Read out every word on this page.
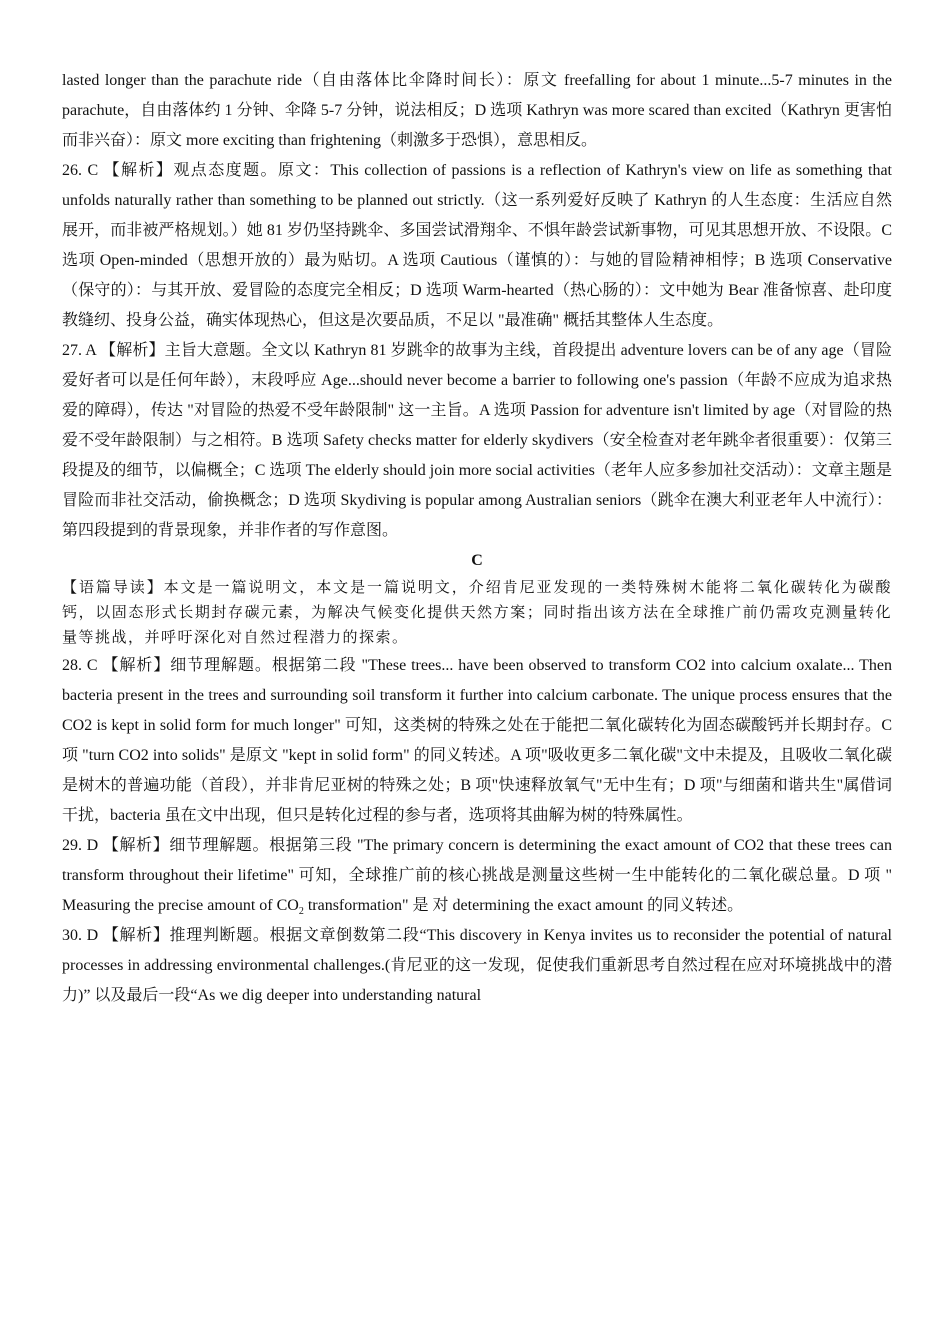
lasted longer than the parachute ride（自由落体比伞降时间长）：原文 freefalling for about 1 minute...5-7 minutes in the parachute，自由落体约 1 分钟、伞降 5-7 分钟，说法相反；D 选项 Kathryn was more scared than excited（Kathryn 更害怕而非兴奋）：原文 more exciting than frightening（刺激多于恐惧），意思相反。

26. C 【解析】观点态度题。原文：This collection of passions is a reflection of Kathryn's view on life as something that unfolds naturally rather than something to be planned out strictly.（这一系列爱好反映了 Kathryn 的人生态度：生活应自然展开，而非被严格规划。）她 81 岁仍坚持跳伞、多国尝试滑翔伞、不惧年龄尝试新事物，可见其思想开放、不设限。C 选项 Open-minded（思想开放的）最为贴切。A 选项 Cautious（谨慎的）：与她的冒险精神相悖；B 选项 Conservative（保守的）：与其开放、爱冒险的态度完全相反；D 选项 Warm-hearted（热心肠的）：文中她为 Bear 准备惊喜、赴印度教缝纫、投身公益，确实体现热心，但这是次要品质，不足以 "最准确" 概括其整体人生态度。

27. A 【解析】主旨大意题。全文以 Kathryn 81 岁跳伞的故事为主线，首段提出 adventure lovers can be of any age（冒险爱好者可以是任何年龄），末段呼应 Age...should never become a barrier to following one's passion（年龄不应成为追求热爱的障碍），传达 "对冒险的热爱不受年龄限制" 这一主旨。A 选项 Passion for adventure isn't limited by age（对冒险的热爱不受年龄限制）与之相符。B 选项 Safety checks matter for elderly skydivers（安全检查对老年跳伞者很重要）：仅第三段提及的细节，以偏概全；C 选项 The elderly should join more social activities（老年人应多参加社交活动）：文章主题是冒险而非社交活动，偷换概念；D 选项 Skydiving is popular among Australian seniors（跳伞在澳大利亚老年人中流行）：第四段提到的背景现象，并非作者的写作意图。

C

【语篇导读】本文是一篇说明文，本文是一篇说明文，介绍肯尼亚发现的一类特殊树木能将二氧化碳转化为碳酸钙，以固态形式长期封存碳元素，为解决气候变化提供天然方案；同时指出该方法在全球推广前仍需攻克测量转化量等挑战，并呼吁深化对自然过程潜力的探索。

28. C 【解析】细节理解题。根据第二段 "These trees... have been observed to transform CO2 into calcium oxalate... Then bacteria present in the trees and surrounding soil transform it further into calcium carbonate. The unique process ensures that the CO2 is kept in solid form for much longer" 可知，这类树的特殊之处在于能把二氧化碳转化为固态碳酸钙并长期封存。C 项 "turn CO2 into solids" 是原文 "kept in solid form" 的同义转述。A 项"吸收更多二氧化碳"文中未提及，且吸收二氧化碳是树木的普遍功能（首段），并非肯尼亚树的特殊之处；B 项"快速释放氧气"无中生有；D 项"与细菌和谐共生"属借词干扰，bacteria 虽在文中出现，但只是转化过程的参与者，选项将其曲解为树的特殊属性。

29. D 【解析】细节理解题。根据第三段 "The primary concern is determining the exact amount of CO2 that these trees can transform throughout their lifetime" 可知，全球推广前的核心挑战是测量这些树一生中能转化的二氧化碳总量。D 项 " Measuring the precise amount of $CO_2$ transformation" 是 对 determining the exact amount 的同义转述。

30. D 【解析】推理判断题。根据文章倒数第二段“This discovery in Kenya invites us to reconsider the potential of natural processes in addressing environmental challenges.(肯尼亚的这一发现，促使我们重新思考自然过程在应对环境挑战中的潜力)” 以及最后一段“As we dig deeper into understanding natural
